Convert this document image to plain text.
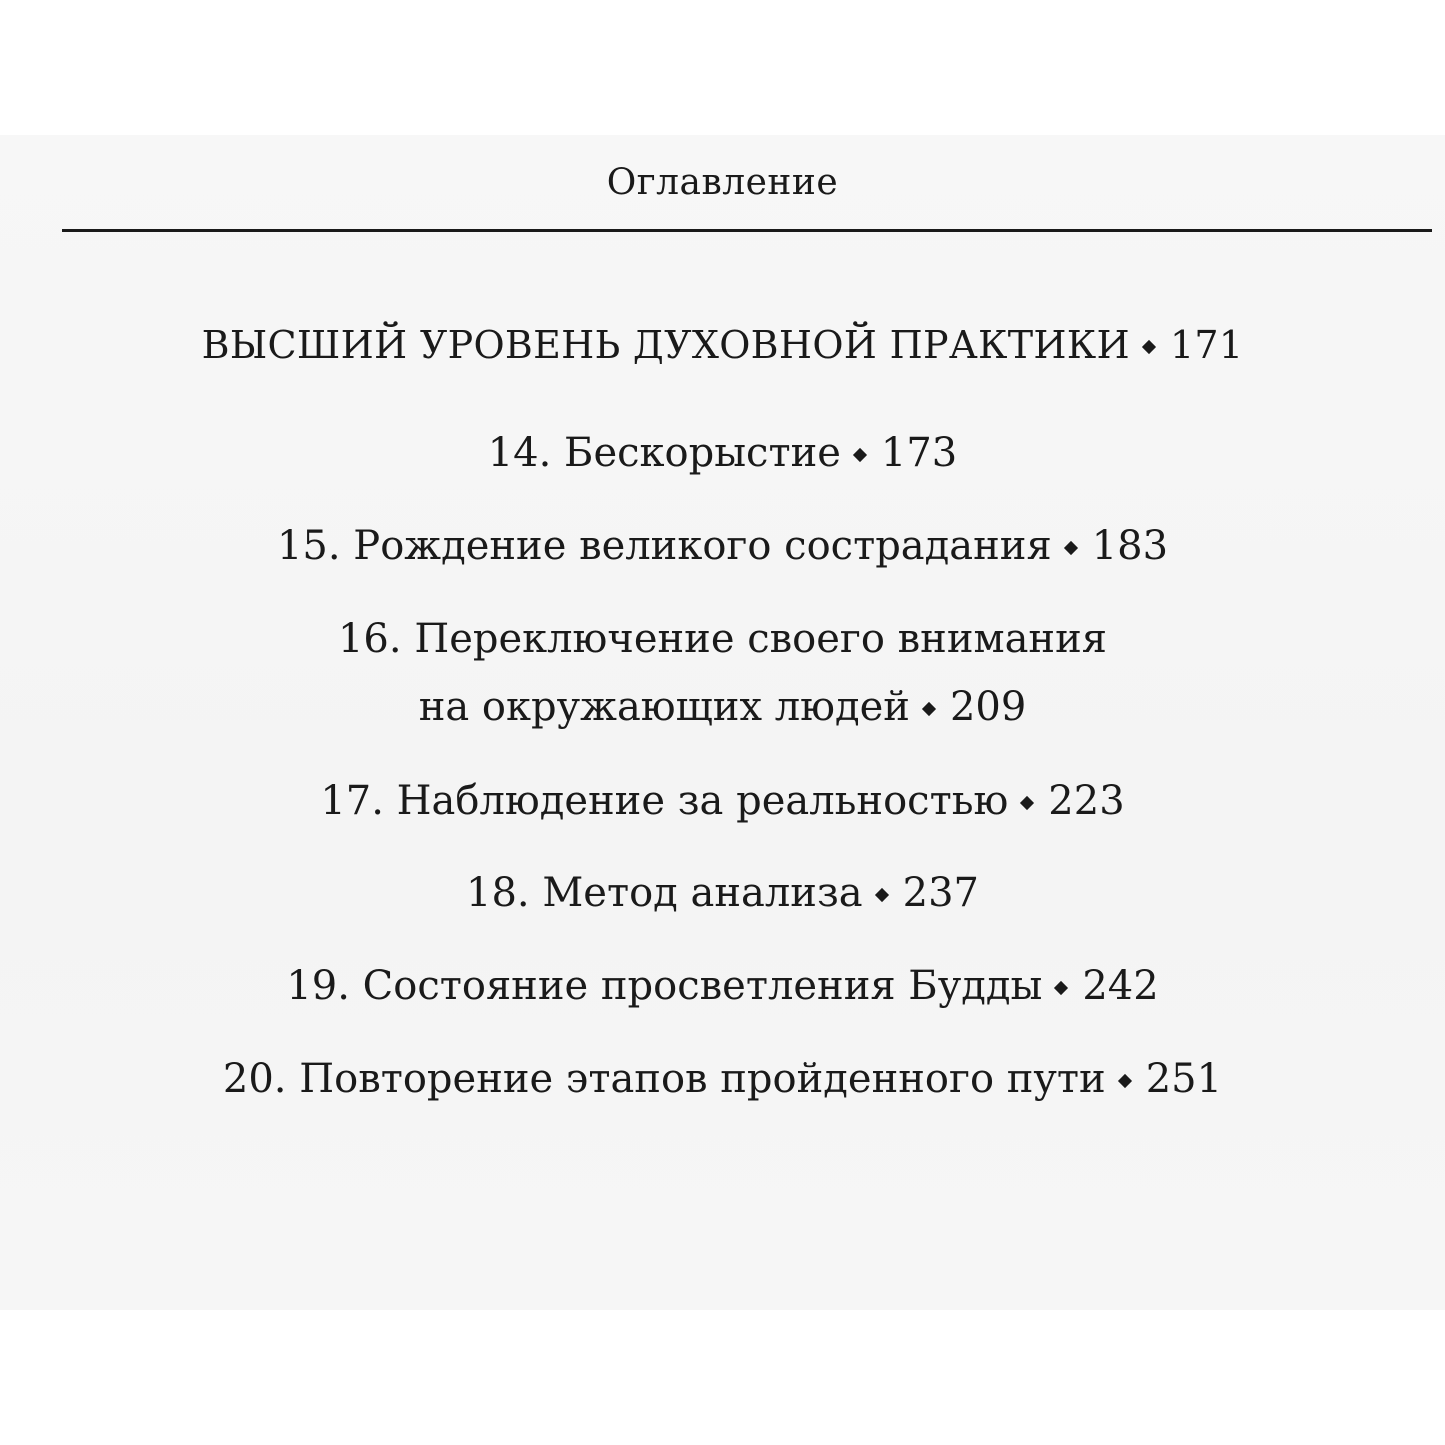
Оглавление
ВЫСШИЙ УРОВЕНЬ ДУХОВНОЙ ПРАКТИКИ 171
14. Бескорыстие 173
15. Рождение великого сострадания 183
16. Переключение своего внимания
на окружающих людей 209
17. Наблюдение за реальностью 223
18. Метод анализа 237
19. Состояние просветления Будды 242
20. Повторение этапов пройденного пути 251
